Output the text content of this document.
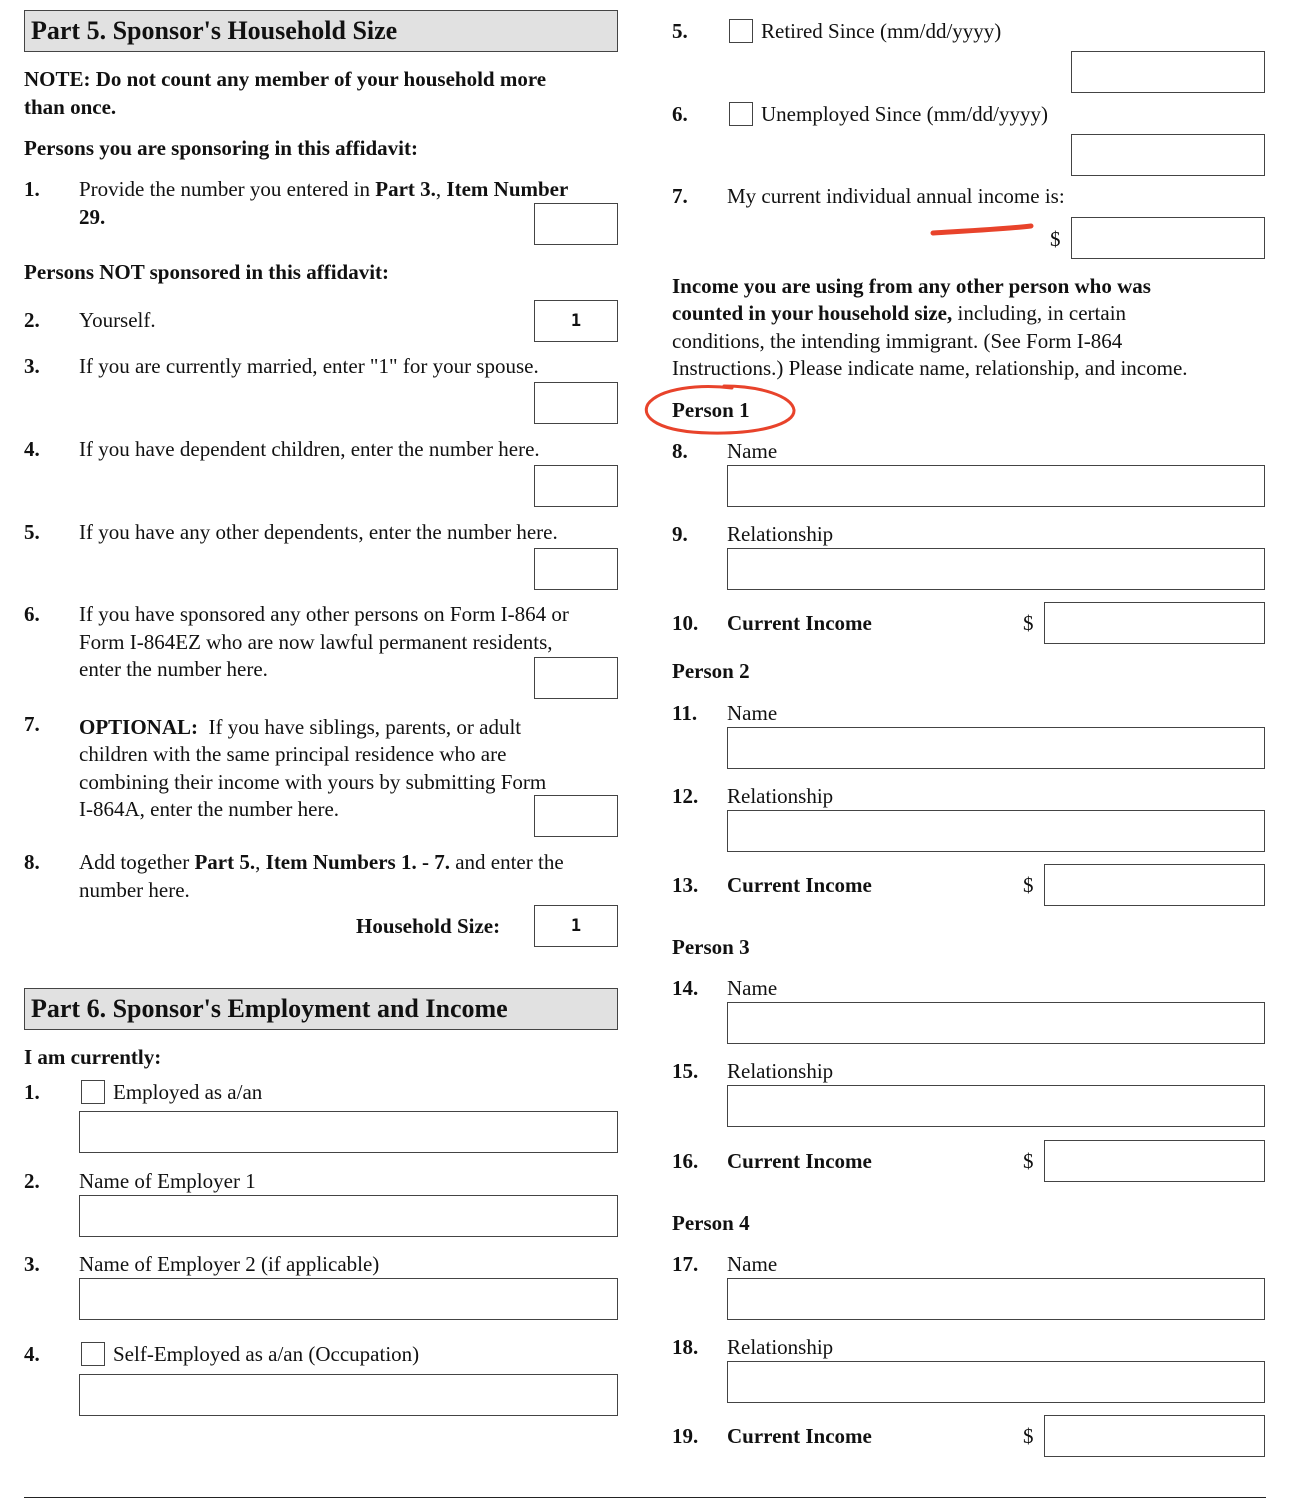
Part 5. Sponsor's Household Size
NOTE: Do not count any member of your household more
than once.
Persons you are sponsoring in this affidavit:
1. Provide the number you entered in Part 3., Item Number
29.
Persons NOT sponsored in this affidavit:
2. Yourself.	1
3. If you are currently married, enter "1" for your spouse.
4. If you have dependent children, enter the number here.
5. If you have any other dependents, enter the number here.
6. If you have sponsored any other persons on Form I-864 or
Form I-864EZ who are now lawful permanent residents,
enter the number here.
7. OPTIONAL:  If you have siblings, parents, or adult
children with the same principal residence who are
combining their income with yours by submitting Form
I-864A, enter the number here.
8. Add together Part 5., Item Numbers 1. - 7. and enter the
number here.
Household Size:	1
Part 6. Sponsor's Employment and Income
I am currently:
1.	Employed as a/an
2. Name of Employer 1
3. Name of Employer 2 (if applicable)
4.	Self-Employed as a/an (Occupation)
5.	Retired Since (mm/dd/yyyy)
6.	Unemployed Since (mm/dd/yyyy)
7. My current individual annual income is:
$
Income you are using from any other person who was
counted in your household size, including, in certain
conditions, the intending immigrant. (See Form I-864
Instructions.) Please indicate name, relationship, and income.
Person 1
8. Name
9. Relationship
10. Current Income	$
Person 2
11. Name
12. Relationship
13. Current Income	$
Person 3
14. Name
15. Relationship
16. Current Income	$
Person 4
17. Name
18. Relationship
19. Current Income	$
